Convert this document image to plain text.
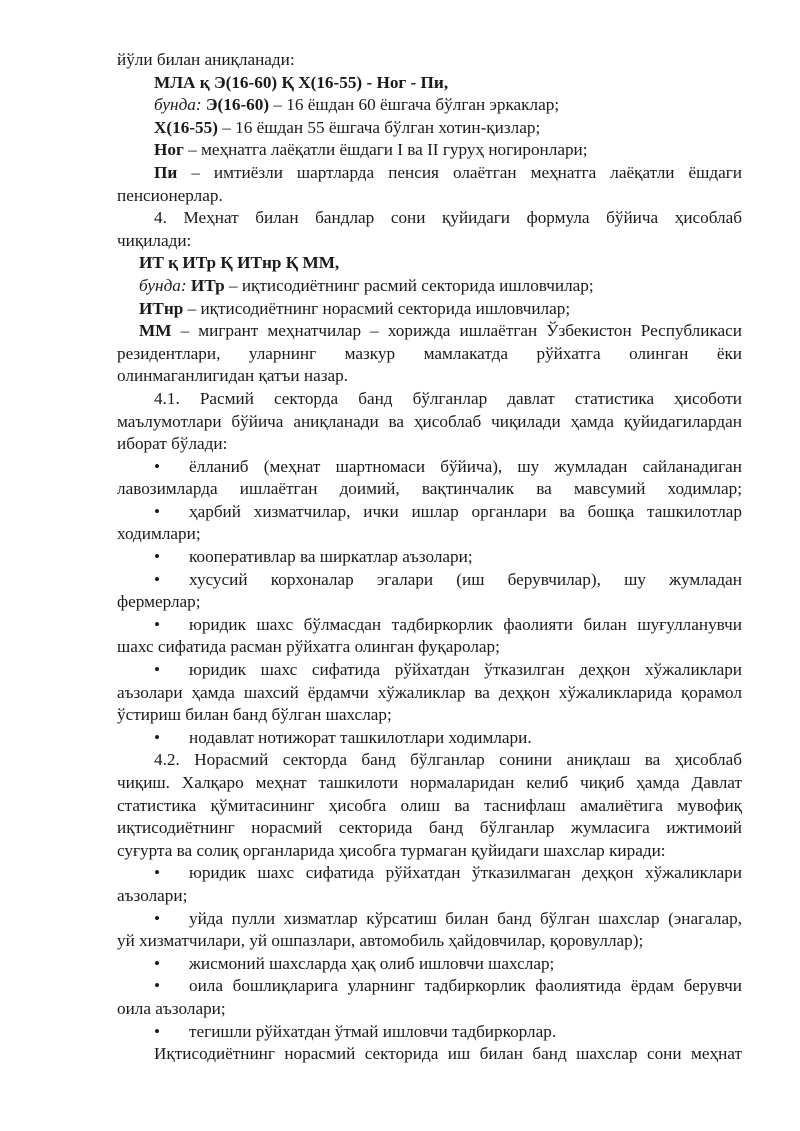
йўли билан аниқланади:
МЛА қ Э(16-60) Қ Х(16-55) - Ног - Пи,
бунда: Э(16-60) – 16 ёшдан 60 ёшгача бўлган эркаклар;
Х(16-55) – 16 ёшдан 55 ёшгача бўлган хотин-қизлар;
Ног – меҳнатга лаёқатли ёшдаги I ва II гуруҳ ногиронлари;
Пи – имтиёзли шартларда пенсия олаётган меҳнатга лаёқатли ёшдаги
пенсионерлар.
4. Меҳнат билан бандлар сони қуйидаги формула бўйича ҳисоблаб
чиқилади:
ИТ қ ИТр Қ ИТнр Қ ММ,
бунда: ИТр – иқтисодиётнинг расмий секторида ишловчилар;
ИТнр – иқтисодиётнинг норасмий секторида ишловчилар;
ММ – мигрант меҳнатчилар – хорижда ишлаётган Ўзбекистон Республикаси
резидентлари, уларнинг мазкур мамлакатда рўйхатга олинган ёки
олинмаганлигидан қатъи назар.
4.1. Расмий секторда банд бўлганлар давлат статистика ҳисоботи
маълумотлари бўйича аниқланади ва ҳисоблаб чиқилади ҳамда қуйидагилардан
иборат бўлади:
• ёлланиб (меҳнат шартномаси бўйича), шу жумладан сайланадиган
лавозимларда ишлаётган доимий, вақтинчалик ва мавсумий ходимлар;
• ҳарбий хизматчилар, ички ишлар органлари ва бошқа ташкилотлар
ходимлари;
• кооперативлар ва ширкатлар аъзолари;
• хусусий корхоналар эгалари (иш берувчилар), шу жумладан
фермерлар;
• юридик шахс бўлмасдан тадбиркорлик фаолияти билан шуғулланувчи
шахс сифатида расман рўйхатга олинган фуқаролар;
• юридик шахс сифатида рўйхатдан ўтказилган деҳқон хўжаликлари
аъзолари ҳамда шахсий ёрдамчи хўжаликлар ва деҳқон хўжаликларида қорамол
ўстириш билан банд бўлган шахслар;
• нодавлат нотижорат ташкилотлари ходимлари.
4.2. Норасмий секторда банд бўлганлар сонини аниқлаш ва ҳисоблаб
чиқиш. Халқаро меҳнат ташкилоти нормаларидан келиб чиқиб ҳамда Давлат
статистика қўмитасининг ҳисобга олиш ва таснифлаш амалиётига мувофиқ
иқтисодиётнинг норасмий секторида банд бўлганлар жумласига ижтимоий
суғурта ва солиқ органларида ҳисобга турмаган қуйидаги шахслар киради:
• юридик шахс сифатида рўйхатдан ўтказилмаган деҳқон хўжаликлари
аъзолари;
• уйда пулли хизматлар кўрсатиш билан банд бўлган шахслар (энагалар,
уй хизматчилари, уй ошпазлари, автомобиль ҳайдовчилар, қоровуллар);
• жисмоний шахсларда ҳақ олиб ишловчи шахслар;
• оила бошлиқларига уларнинг тадбиркорлик фаолиятида ёрдам берувчи
оила аъзолари;
• тегишли рўйхатдан ўтмай ишловчи тадбиркорлар.
Иқтисодиётнинг норасмий секторида иш билан банд шахслар сони меҳнат
